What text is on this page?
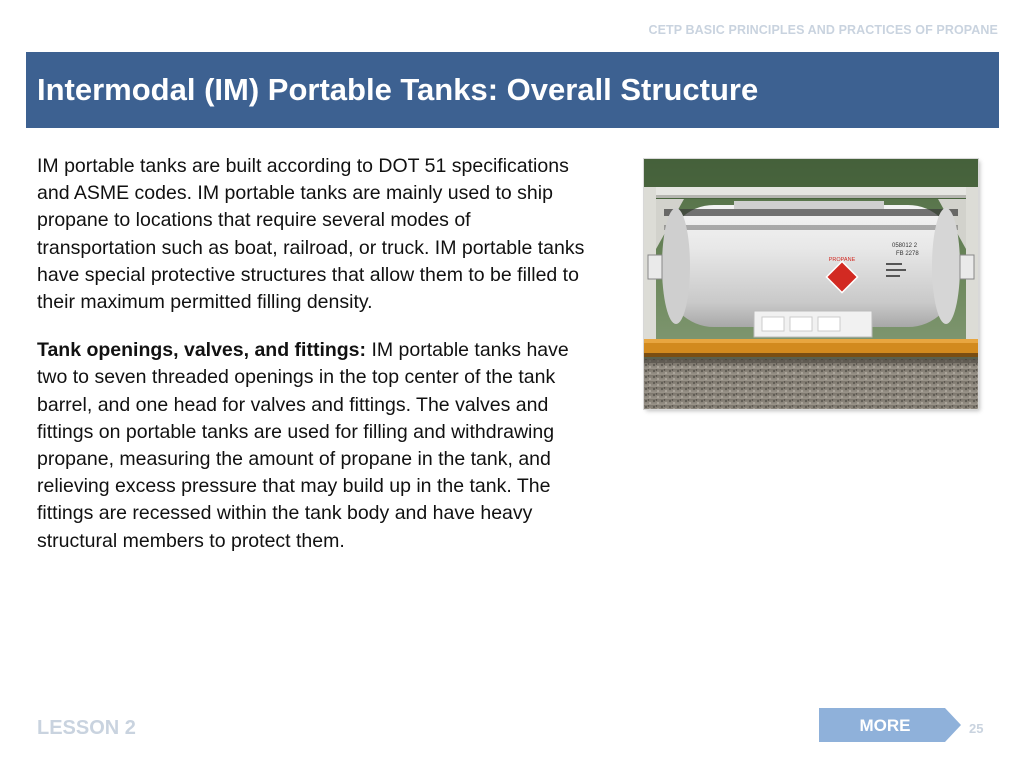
CETP BASIC PRINCIPLES AND PRACTICES OF PROPANE
Intermodal (IM) Portable Tanks: Overall Structure

IM portable tanks are built according to DOT 51 specifications and ASME codes. IM portable tanks are mainly used to ship propane to locations that require several modes of transportation such as boat, railroad, or truck. IM portable tanks have special protective structures that allow them to be filled to their maximum permitted filling density.

Tank openings, valves, and fittings: IM portable tanks have two to seven threaded openings in the top center of the tank barrel, and one head for valves and fittings. The valves and fittings on portable tanks are used for filling and withdrawing propane, measuring the amount of propane in the tank, and relieving excess pressure that may build up in the tank. The fittings are recessed within the tank body and have heavy structural members to protect them.

PROPANE
058012 2
FB 2278
LESSON 2	MORE	25
